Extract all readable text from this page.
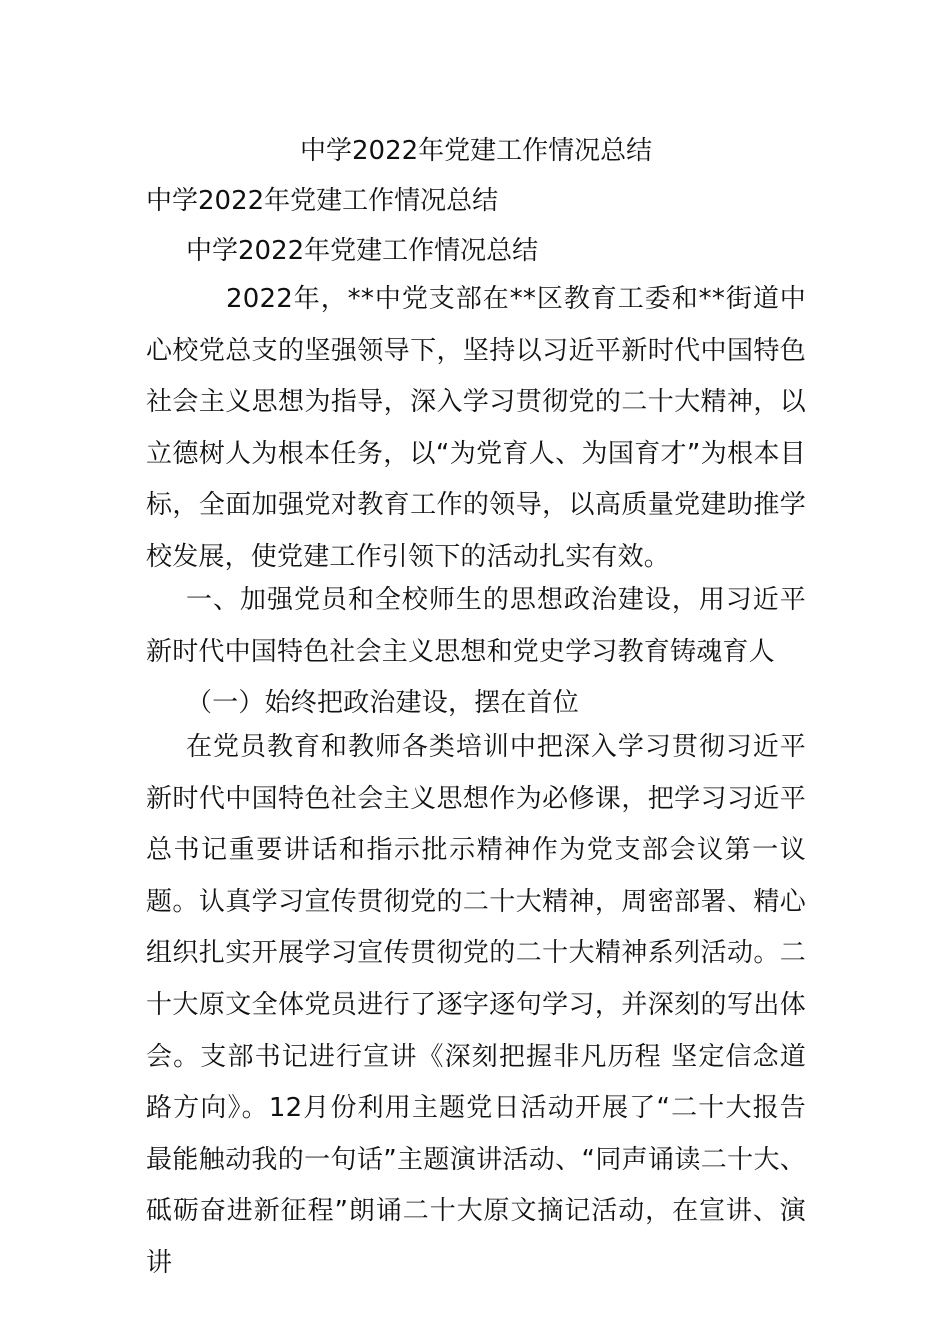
中学2022年党建工作情况总结
中学2022年党建工作情况总结
中学2022年党建工作情况总结
2022年，**中党支部在**区教育工委和**街道中心校党总支的坚强领导下，坚持以习近平新时代中国特色社会主义思想为指导，深入学习贯彻党的二十大精神，以立德树人为根本任务，以“为党育人、为国育才”为根本目标，全面加强党对教育工作的领导，以高质量党建助推学校发展，使党建工作引领下的活动扎实有效。
一、加强党员和全校师生的思想政治建设，用习近平新时代中国特色社会主义思想和党史学习教育铸魂育人
（一）始终把政治建设，摆在首位
在党员教育和教师各类培训中把深入学习贯彻习近平新时代中国特色社会主义思想作为必修课，把学习习近平总书记重要讲话和指示批示精神作为党支部会议第一议题。认真学习宣传贯彻党的二十大精神，周密部署、精心组织扎实开展学习宣传贯彻党的二十大精神系列活动。二十大原文全体党员进行了逐字逐句学习，并深刻的写出体会。支部书记进行宣讲《深刻把握非凡历程 坚定信念道路方向》。12月份利用主题党日活动开展了“二十大报告最能触动我的一句话”主题演讲活动、“同声诵读二十大、砥砺奋进新征程”朗诵二十大原文摘记活动，在宣讲、演讲
